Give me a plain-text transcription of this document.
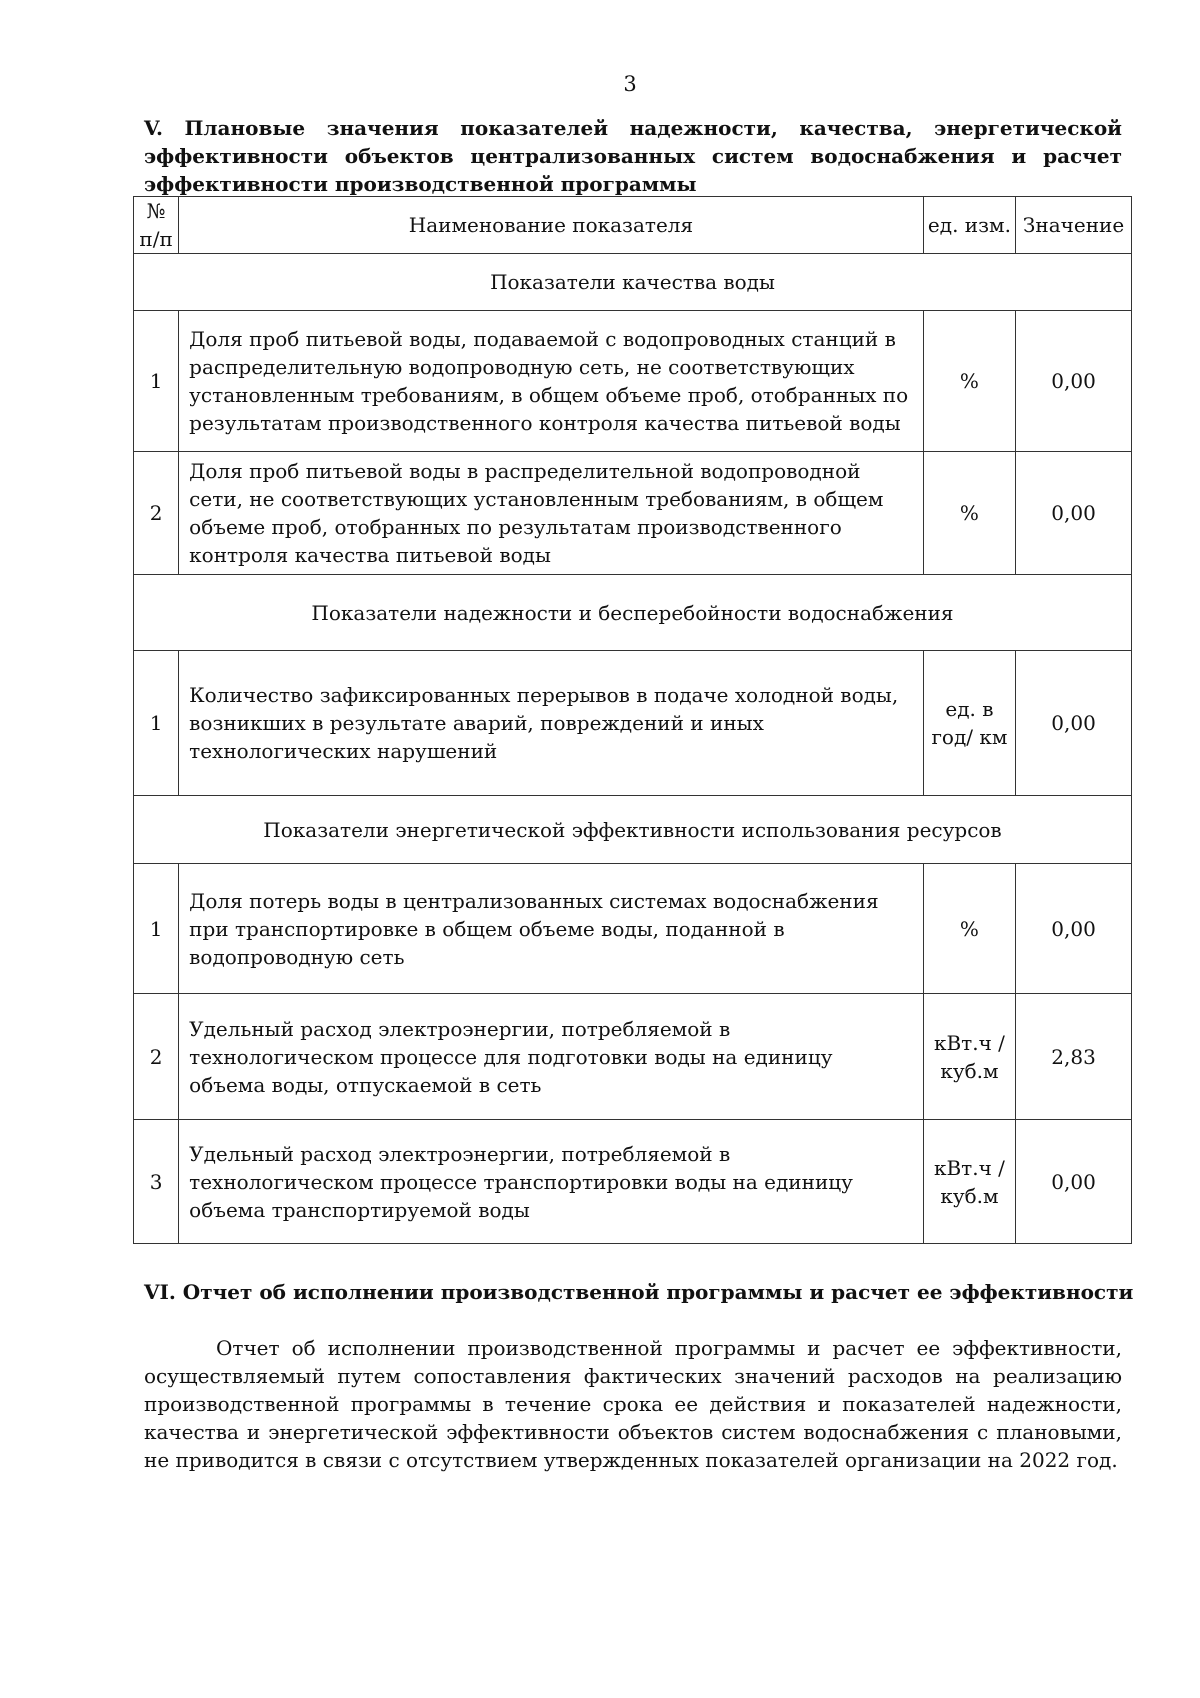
3
V. Плановые значения показателей надежности, качества, энергетической эффективности объектов централизованных систем водоснабжения и расчет эффективности производственной программы
№ п/п	Наименование показателя	ед. изм.	Значение
Показатели качества воды			
1	Доля проб питьевой воды, подаваемой с водопроводных станций в распределительную водопроводную сеть, не соответствующих установленным требованиям, в общем объеме проб, отобранных по результатам производственного контроля качества питьевой воды	%	0,00
2	Доля проб питьевой воды в распределительной водопроводной сети, не соответствующих установленным требованиям, в общем объеме проб, отобранных по результатам производственного контроля качества питьевой воды	%	0,00
Показатели надежности и бесперебойности водоснабжения			
1	Количество зафиксированных перерывов в подаче холодной воды, возникших в результате аварий, повреждений и иных технологических нарушений	ед. в год/ км	0,00
Показатели энергетической эффективности использования ресурсов			
1	Доля потерь воды в централизованных системах водоснабжения при транспортировке в общем объеме воды, поданной в водопроводную сеть	%	0,00
2	Удельный расход электроэнергии, потребляемой в технологическом процессе для подготовки воды на единицу объема воды, отпускаемой в сеть	кВт.ч / куб.м	2,83
3	Удельный расход электроэнергии, потребляемой в технологическом процессе транспортировки воды на единицу объема транспортируемой воды	кВт.ч / куб.м	0,00
VI. Отчет об исполнении производственной программы и расчет ее эффективности
Отчет об исполнении производственной программы и расчет ее эффективности, осуществляемый путем сопоставления фактических значений расходов на реализацию производственной программы в течение срока ее действия и показателей надежности, качества и энергетической эффективности объектов систем водоснабжения с плановыми, не приводится в связи с отсутствием утвержденных показателей организации на 2022 год.
